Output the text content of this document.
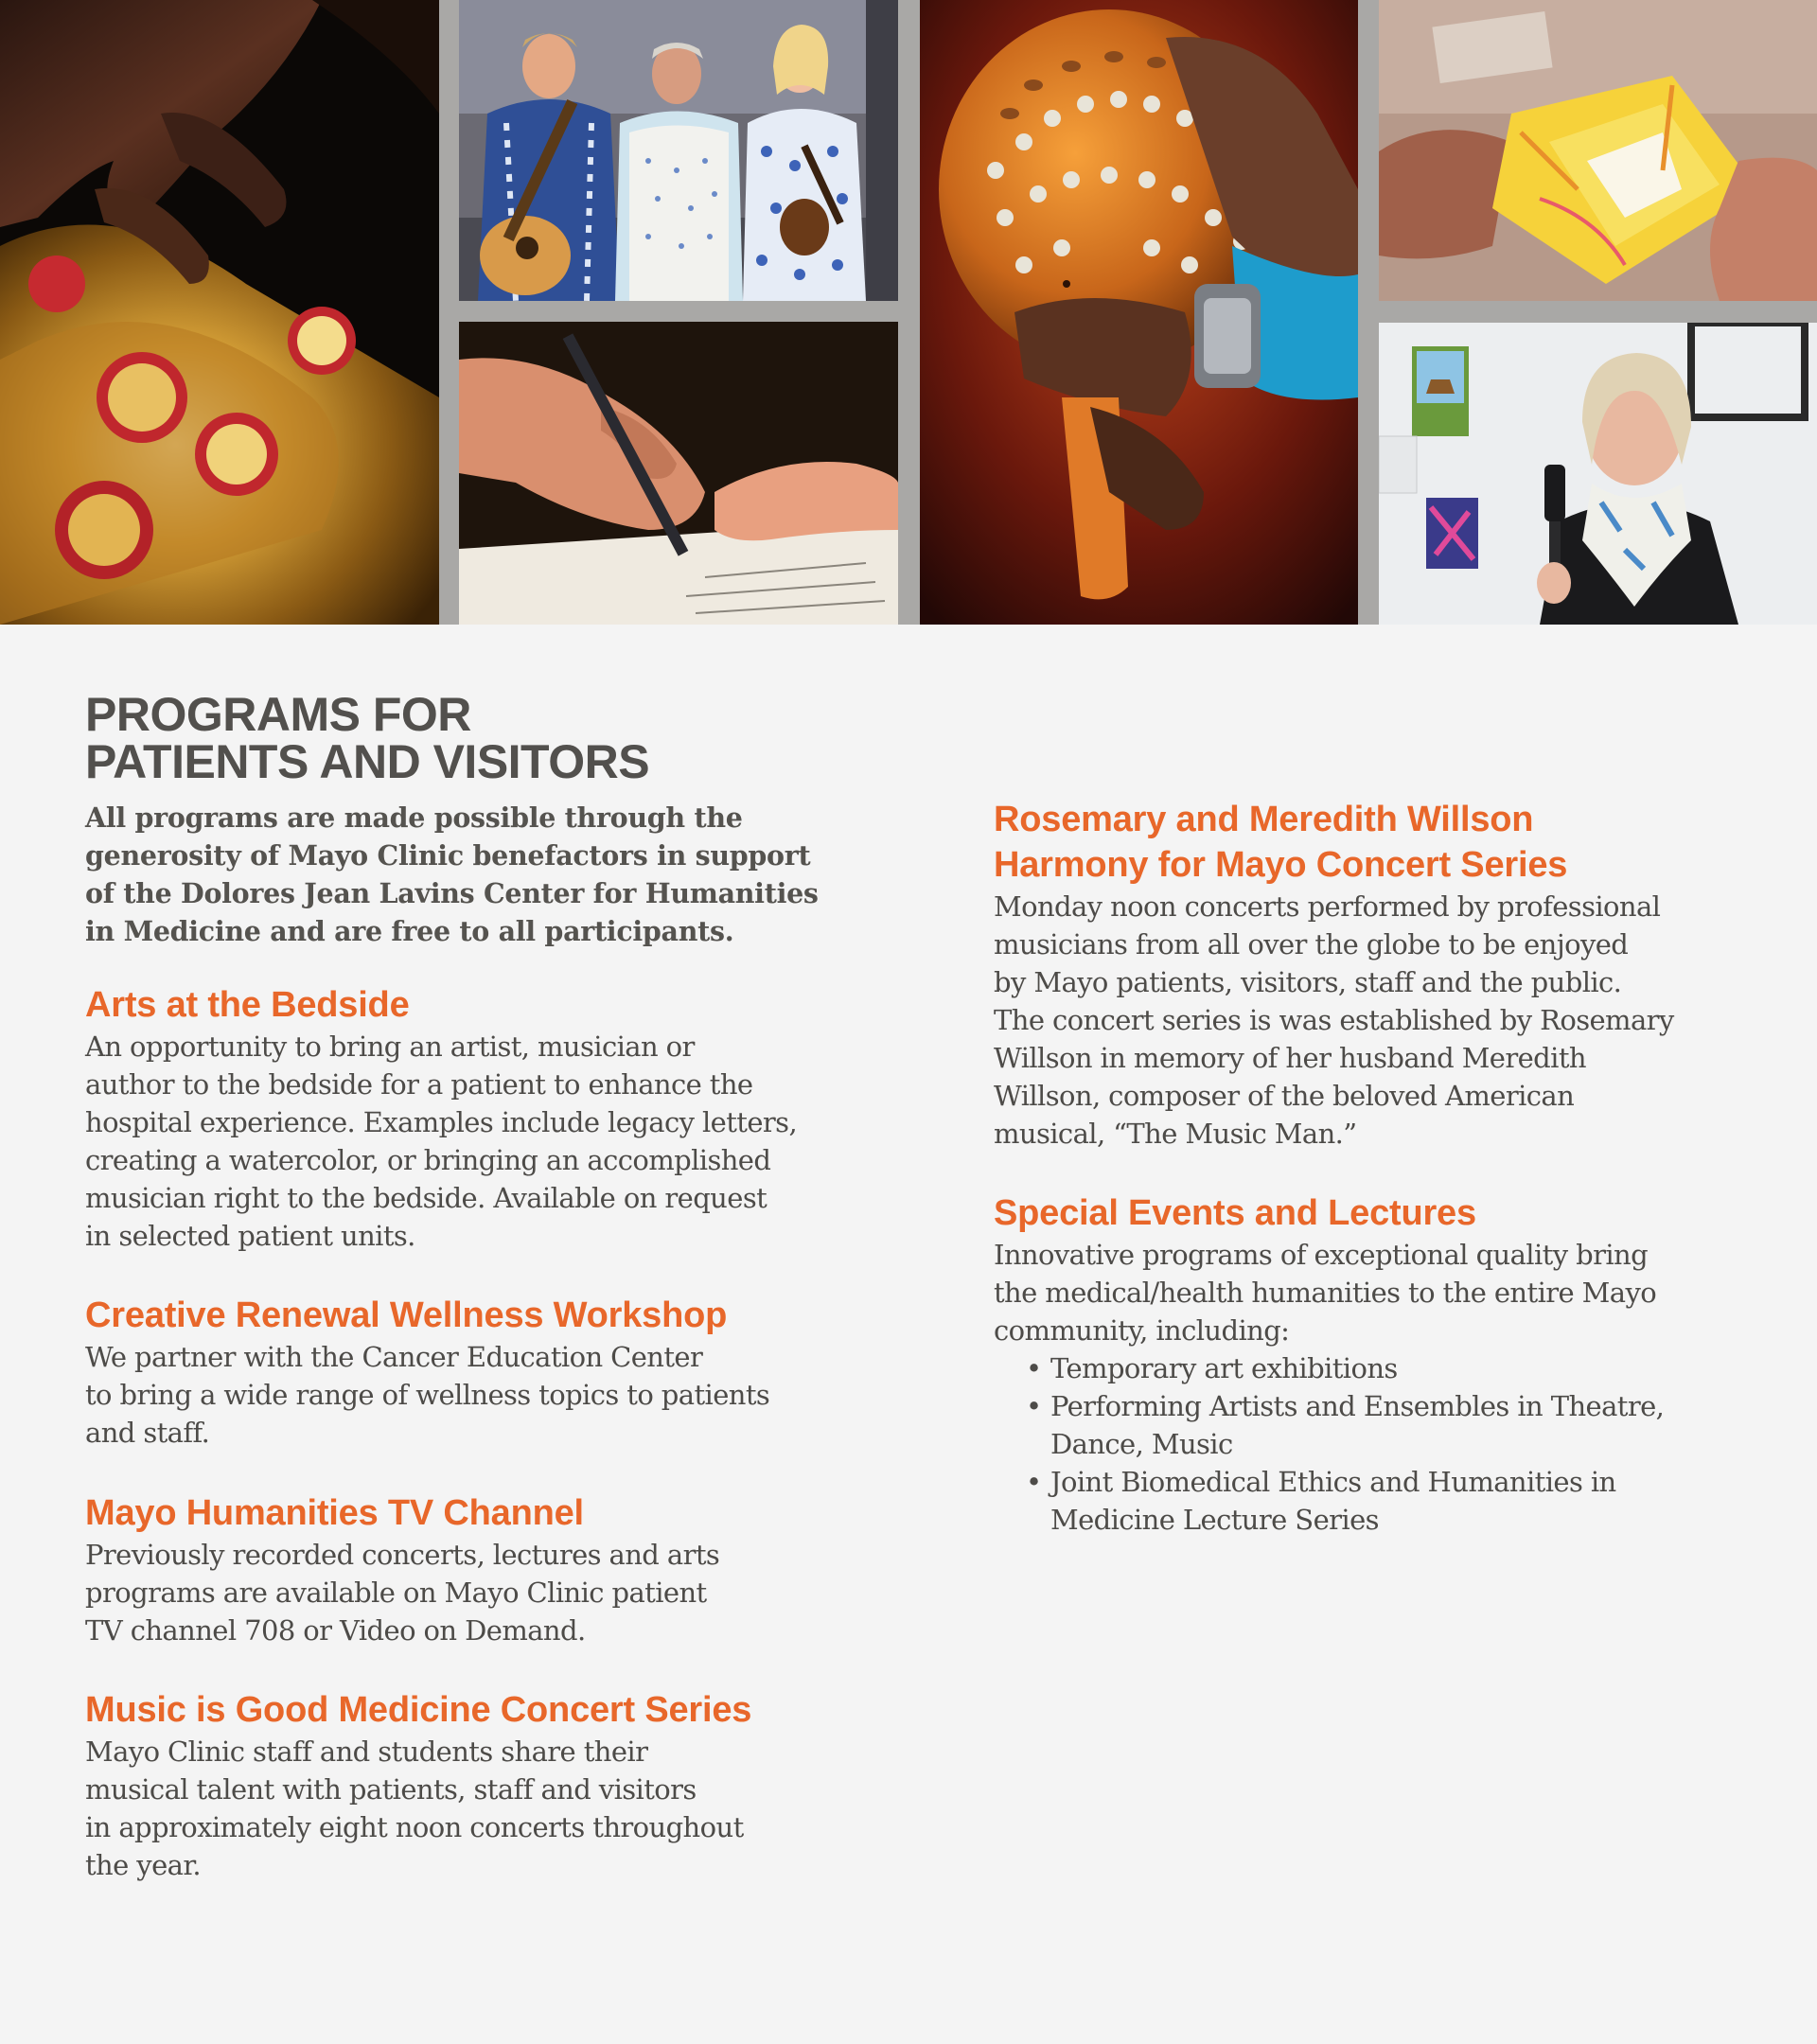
PROGRAMS FOR
PATIENTS AND VISITORS

All programs are made possible through the generosity of Mayo Clinic benefactors in support of the Dolores Jean Lavins Center for Humanities in Medicine and are free to all participants.

Arts at the Bedside

An opportunity to bring an artist, musician or
author to the bedside for a patient to enhance the
hospital experience. Examples include legacy letters,
creating a watercolor, or bringing an accomplished
musician right to the bedside. Available on request
in selected patient units.

Creative Renewal Wellness Workshop

We partner with the Cancer Education Center
to bring a wide range of wellness topics to patients
and staff.

Mayo Humanities TV Channel

Previously recorded concerts, lectures and arts
programs are available on Mayo Clinic patient
TV channel 708 or Video on Demand.

Music is Good Medicine Concert Series

Mayo Clinic staff and students share their
musical talent with patients, staff and visitors
in approximately eight noon concerts throughout
the year.

Rosemary and Meredith Willson
Harmony for Mayo Concert Series

Monday noon concerts performed by professional
musicians from all over the globe to be enjoyed
by Mayo patients, visitors, staff and the public.
The concert series is was established by Rosemary
Willson in memory of her husband Meredith
Willson, composer of the beloved American
musical, “The Music Man.”

Special Events and Lectures

Innovative programs of exceptional quality bring
the medical/health humanities to the entire Mayo
community, including:

• Temporary art exhibitions
• Performing Artists and Ensembles in Theatre,
Dance, Music
• Joint Biomedical Ethics and Humanities in
Medicine Lecture Series
